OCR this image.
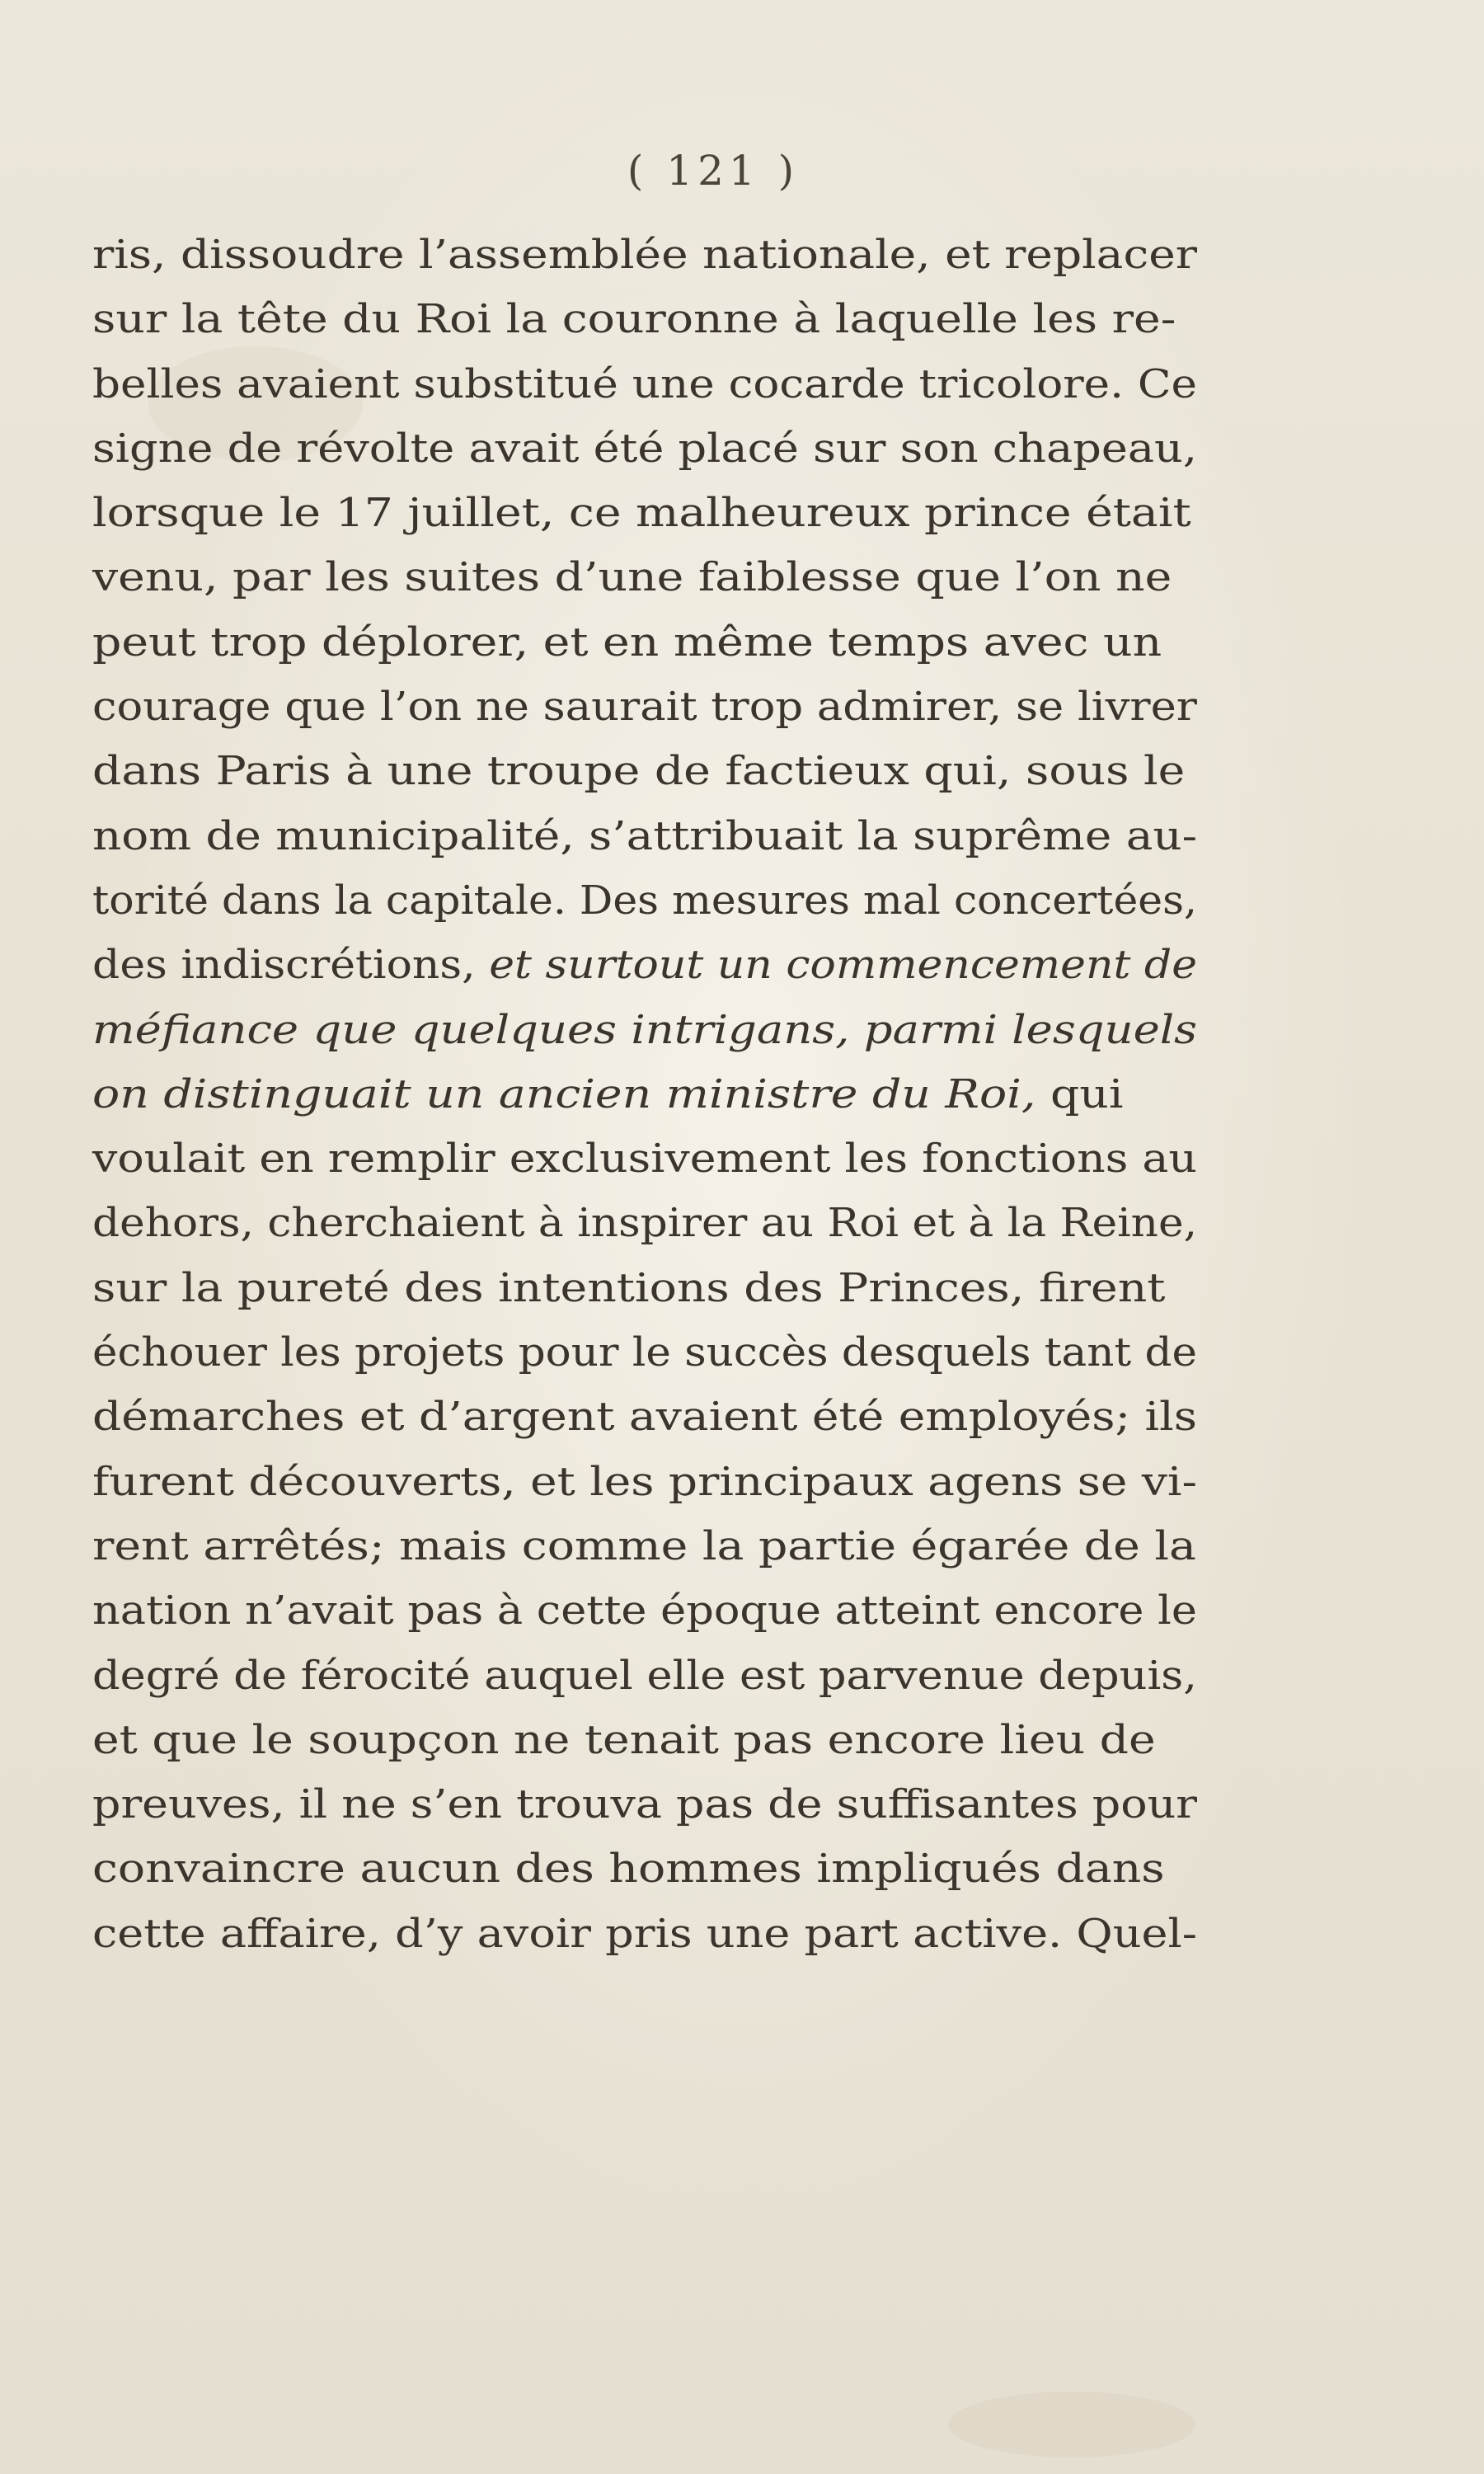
( 121 )
ris, dissoudre l’assemblée nationale, et replacer
sur la tête du Roi la couronne à laquelle les re-
belles avaient substitué une cocarde tricolore. Ce
signe de révolte avait été placé sur son chapeau,
lorsque le 17 juillet, ce malheureux prince était
venu, par les suites d’une faiblesse que l’on ne
peut trop déplorer, et en même temps avec un
courage que l’on ne saurait trop admirer, se livrer
dans Paris à une troupe de factieux qui, sous le
nom de municipalité, s’attribuait la suprême au-
torité dans la capitale. Des mesures mal concertées,
des indiscrétions, et surtout un commencement de
méfiance que quelques intrigans, parmi lesquels
on distinguait un ancien ministre du Roi, qui
voulait en remplir exclusivement les fonctions au
dehors, cherchaient à inspirer au Roi et à la Reine,
sur la pureté des intentions des Princes, firent
échouer les projets pour le succès desquels tant de
démarches et d’argent avaient été employés; ils
furent découverts, et les principaux agens se vi-
rent arrêtés; mais comme la partie égarée de la
nation n’avait pas à cette époque atteint encore le
degré de férocité auquel elle est parvenue depuis,
et que le soupçon ne tenait pas encore lieu de
preuves, il ne s’en trouva pas de suffisantes pour
convaincre aucun des hommes impliqués dans
cette affaire, d’y avoir pris une part active. Quel-
